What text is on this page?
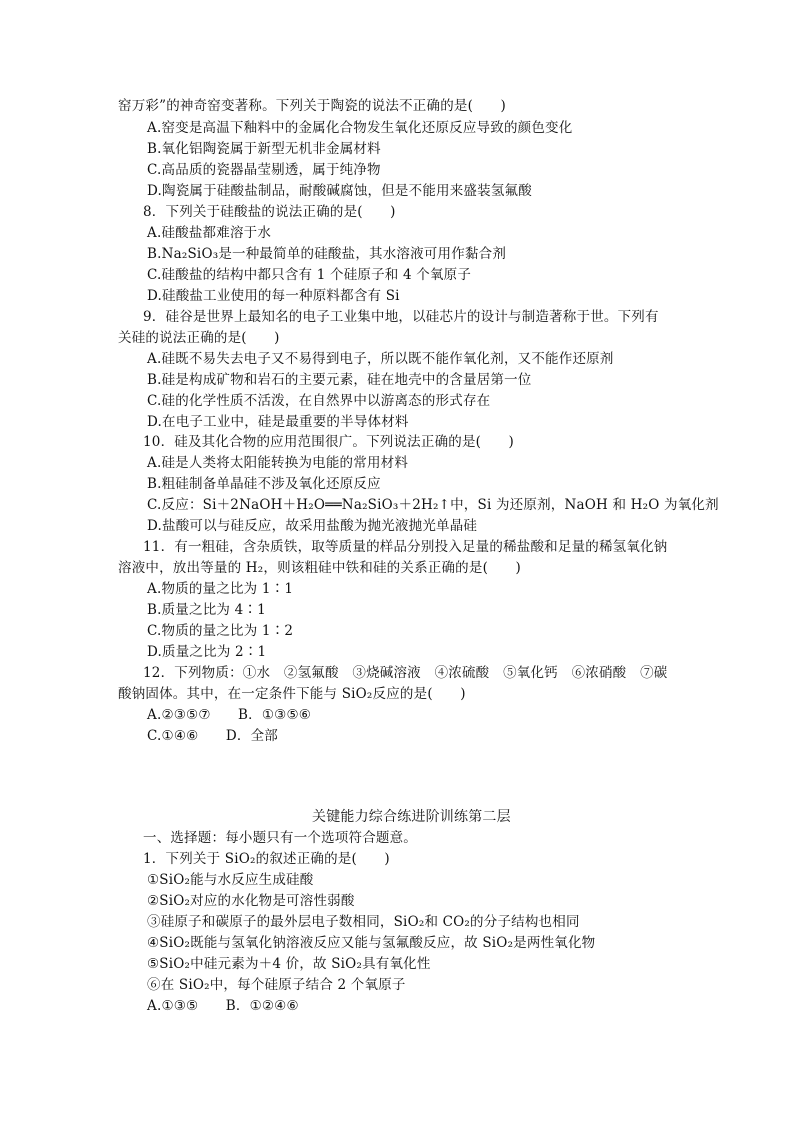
窑万彩”的神奇窑变著称。下列关于陶瓷的说法不正确的是(　　)
A.窑变是高温下釉料中的金属化合物发生氧化还原反应导致的颜色变化
B.氧化铝陶瓷属于新型无机非金属材料
C.高品质的瓷器晶莹剔透，属于纯净物
D.陶瓷属于硅酸盐制品，耐酸碱腐蚀，但是不能用来盛装氢氟酸
8．下列关于硅酸盐的说法正确的是(　　)
A.硅酸盐都难溶于水
B.Na₂SiO₃是一种最简单的硅酸盐，其水溶液可用作黏合剂
C.硅酸盐的结构中都只含有 1 个硅原子和 4 个氧原子
D.硅酸盐工业使用的每一种原料都含有 Si
9．硅谷是世界上最知名的电子工业集中地，以硅芯片的设计与制造著称于世。下列有
关硅的说法正确的是(　　)
A.硅既不易失去电子又不易得到电子，所以既不能作氧化剂，又不能作还原剂
B.硅是构成矿物和岩石的主要元素，硅在地壳中的含量居第一位
C.硅的化学性质不活泼，在自然界中以游离态的形式存在
D.在电子工业中，硅是最重要的半导体材料
10．硅及其化合物的应用范围很广。下列说法正确的是(　　)
A.硅是人类将太阳能转换为电能的常用材料
B.粗硅制备单晶硅不涉及氧化还原反应
C.反应：Si＋2NaOH＋H₂O══Na₂SiO₃＋2H₂↑中，Si 为还原剂，NaOH 和 H₂O 为氧化剂
D.盐酸可以与硅反应，故采用盐酸为抛光液抛光单晶硅
11．有一粗硅，含杂质铁，取等质量的样品分别投入足量的稀盐酸和足量的稀氢氧化钠
溶液中，放出等量的 H₂，则该粗硅中铁和硅的关系正确的是(　　)
A.物质的量之比为 1∶1
B.质量之比为 4∶1
C.物质的量之比为 1∶2
D.质量之比为 2∶1
12．下列物质：①水　②氢氟酸　③烧碱溶液　④浓硫酸　⑤氧化钙　⑥浓硝酸　⑦碳
酸钠固体。其中，在一定条件下能与 SiO₂反应的是(　　)
A.②③⑤⑦　　B．①③⑤⑥
C.①④⑥　　D．全部
关键能力综合练进阶训练第二层
一、选择题：每小题只有一个选项符合题意。
1．下列关于 SiO₂的叙述正确的是(　　)
①SiO₂能与水反应生成硅酸
②SiO₂对应的水化物是可溶性弱酸
③硅原子和碳原子的最外层电子数相同，SiO₂和 CO₂的分子结构也相同
④SiO₂既能与氢氧化钠溶液反应又能与氢氟酸反应，故 SiO₂是两性氧化物
⑤SiO₂中硅元素为＋4 价，故 SiO₂具有氧化性
⑥在 SiO₂中，每个硅原子结合 2 个氧原子
A.①③⑤　　B．①②④⑥
